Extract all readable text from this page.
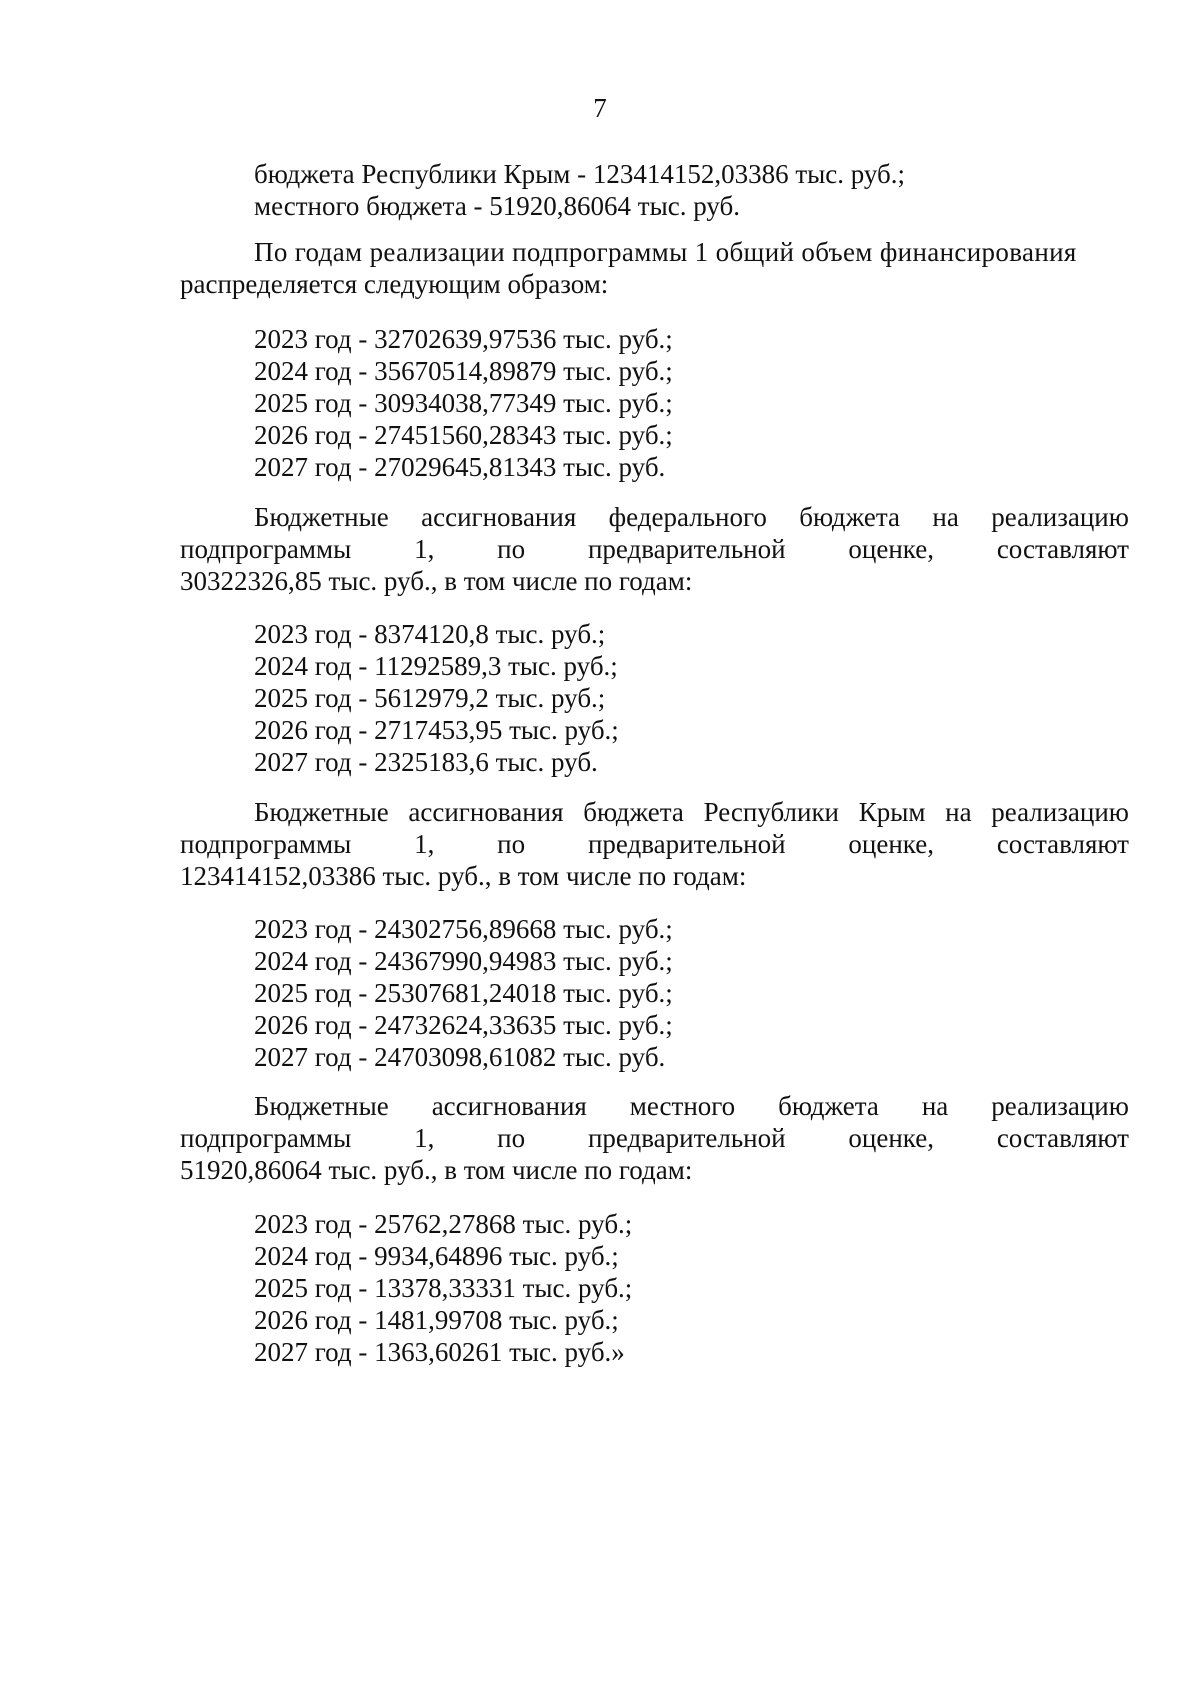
7
бюджета Республики Крым - 123414152,03386 тыс. руб.;
местного бюджета - 51920,86064 тыс. руб.
По годам реализации подпрограммы 1 общий объем финансирования
распределяется следующим образом:
2023 год - 32702639,97536 тыс. руб.;
2024 год - 35670514,89879 тыс. руб.;
2025 год - 30934038,77349 тыс. руб.;
2026 год - 27451560,28343 тыс. руб.;
2027 год - 27029645,81343 тыс. руб.
Бюджетные ассигнования федерального бюджета на реализацию
подпрограммы 1, по предварительной оценке, составляют
30322326,85 тыс. руб., в том числе по годам:
2023 год - 8374120,8 тыс. руб.;
2024 год - 11292589,3 тыс. руб.;
2025 год - 5612979,2 тыс. руб.;
2026 год - 2717453,95 тыс. руб.;
2027 год - 2325183,6 тыс. руб.
Бюджетные ассигнования бюджета Республики Крым на реализацию
подпрограммы 1, по предварительной оценке, составляют
123414152,03386 тыс. руб., в том числе по годам:
2023 год - 24302756,89668 тыс. руб.;
2024 год - 24367990,94983 тыс. руб.;
2025 год - 25307681,24018 тыс. руб.;
2026 год - 24732624,33635 тыс. руб.;
2027 год - 24703098,61082 тыс. руб.
Бюджетные ассигнования местного бюджета на реализацию
подпрограммы 1, по предварительной оценке, составляют
51920,86064 тыс. руб., в том числе по годам:
2023 год - 25762,27868 тыс. руб.;
2024 год - 9934,64896 тыс. руб.;
2025 год - 13378,33331 тыс. руб.;
2026 год - 1481,99708 тыс. руб.;
2027 год - 1363,60261 тыс. руб.»
